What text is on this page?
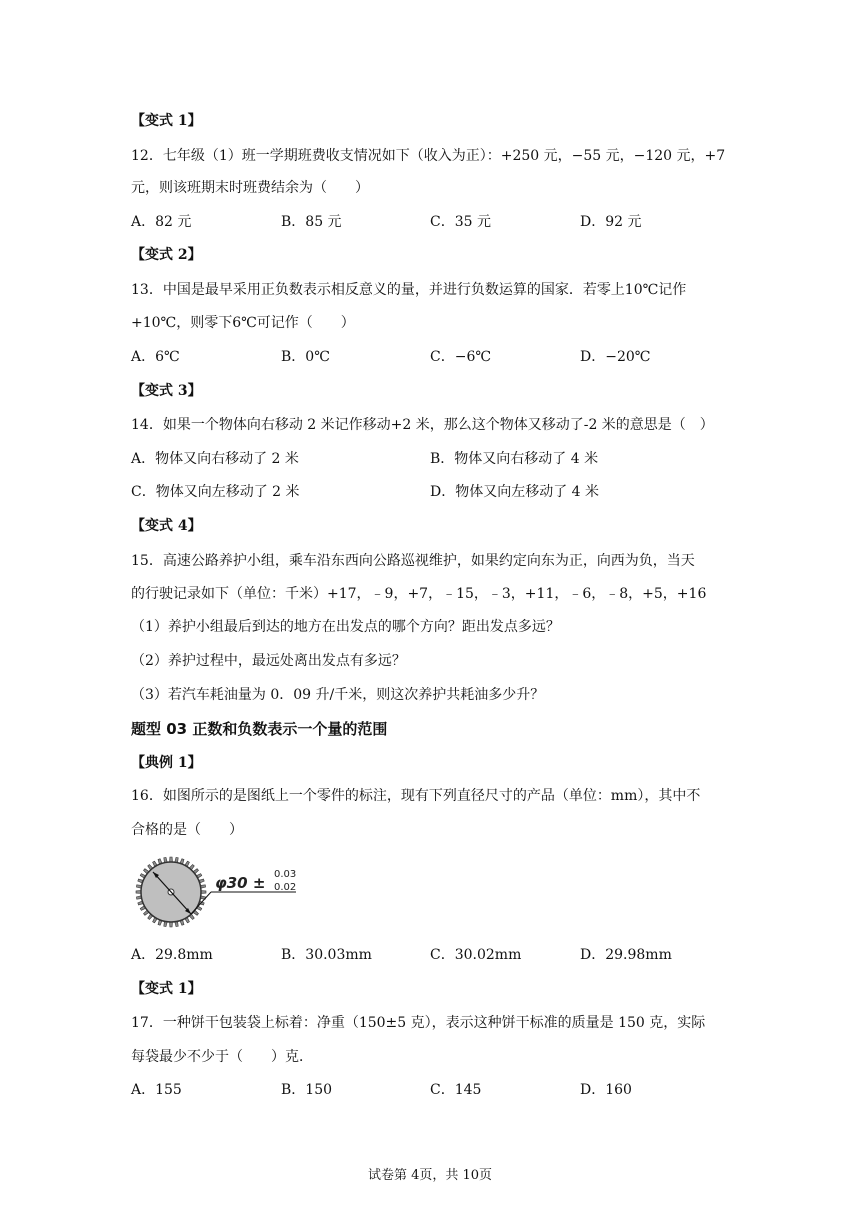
【变式 1】
12．七年级（1）班一学期班费收支情况如下（收入为正）：+250 元，−55 元，−120 元，+7
元，则该班期末时班费结余为（　　）
A．82 元	B．85 元	C．35 元	D．92 元
【变式 2】
13．中国是最早采用正负数表示相反意义的量，并进行负数运算的国家．若零上10℃记作
+10℃，则零下6℃可记作（　　）
A．6℃	B．0℃	C．−6℃	D．−20℃
【变式 3】
14．如果一个物体向右移动 2 米记作移动+2 米，那么这个物体又移动了-2 米的意思是（　）
A．物体又向右移动了 2 米	B．物体又向右移动了 4 米
C．物体又向左移动了 2 米	D．物体又向左移动了 4 米
【变式 4】
15．高速公路养护小组，乘车沿东西向公路巡视维护，如果约定向东为正，向西为负，当天
的行驶记录如下（单位：千米）+17，﹣9，+7，﹣15，﹣3，+11，﹣6，﹣8，+5，+16
（1）养护小组最后到达的地方在出发点的哪个方向？距出发点多远？
（2）养护过程中，最远处离出发点有多远？
（3）若汽车耗油量为 0．09 升/千米，则这次养护共耗油多少升？
题型 03 正数和负数表示一个量的范围
【典例 1】
16．如图所示的是图纸上一个零件的标注，现有下列直径尺寸的产品（单位：mm），其中不
合格的是（　　）
φ30 ± 0.03
0.02
A．29.8mm	B．30.03mm	C．30.02mm	D．29.98mm
【变式 1】
17．一种饼干包装袋上标着：净重（150±5 克），表示这种饼干标准的质量是 150 克，实际
每袋最少不少于（　　）克．
A．155	B．150	C．145	D．160
试卷第 4页，共 10页
